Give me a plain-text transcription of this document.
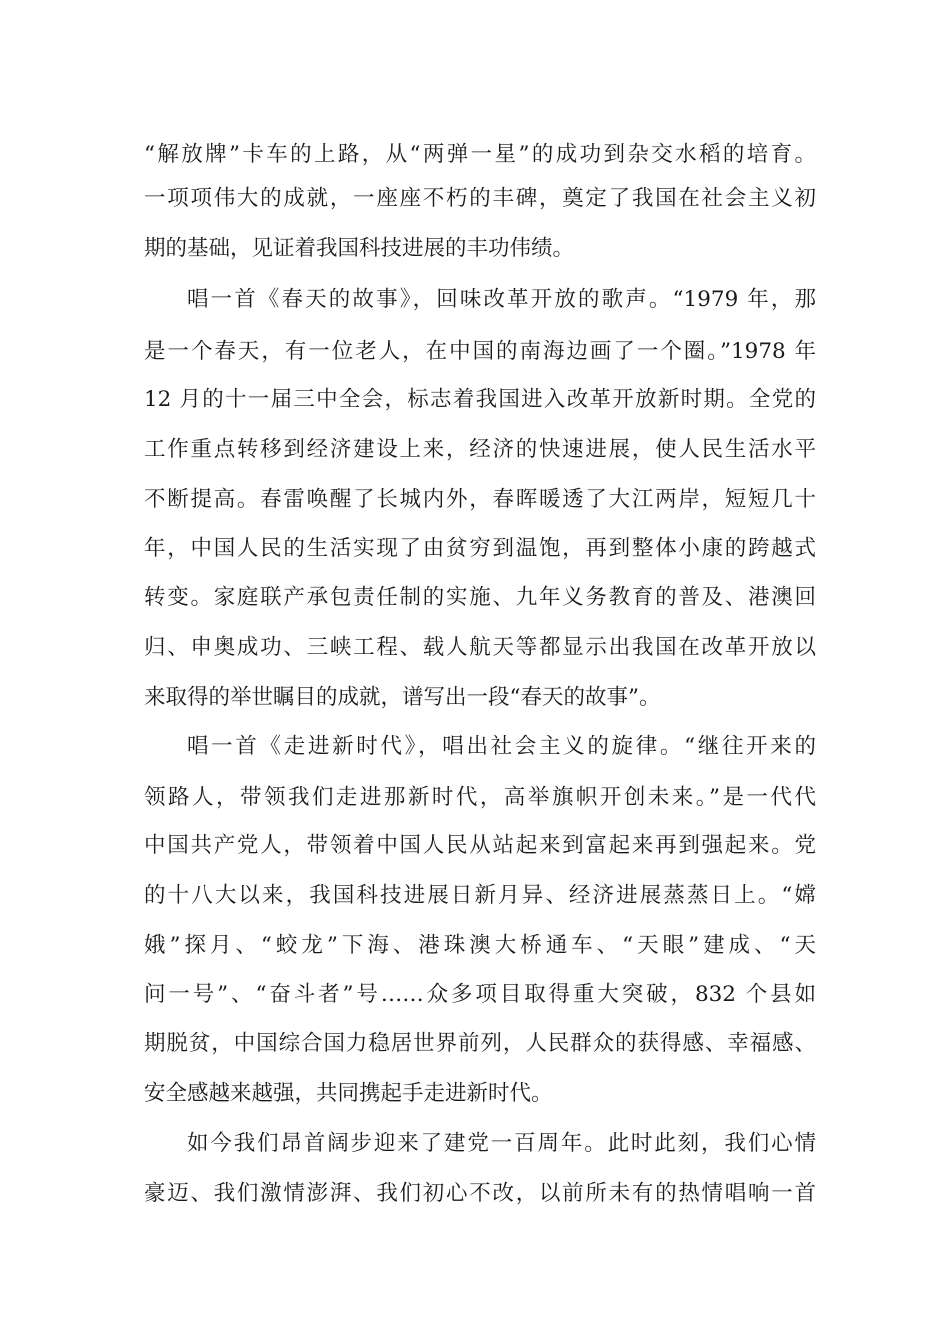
“解放牌”卡车的上路，从“两弹一星”的成功到杂交水稻的培育。
一项项伟大的成就，一座座不朽的丰碑，奠定了我国在社会主义初
期的基础，见证着我国科技进展的丰功伟绩。
唱一首《春天的故事》，回味改革开放的歌声。“1979 年，那
是一个春天，有一位老人，在中国的南海边画了一个圈。”1978 年
12 月的十一届三中全会，标志着我国进入改革开放新时期。全党的
工作重点转移到经济建设上来，经济的快速进展，使人民生活水平
不断提高。春雷唤醒了长城内外，春晖暖透了大江两岸，短短几十
年，中国人民的生活实现了由贫穷到温饱，再到整体小康的跨越式
转变。家庭联产承包责任制的实施、九年义务教育的普及、港澳回
归、申奥成功、三峡工程、载人航天等都显示出我国在改革开放以
来取得的举世瞩目的成就，谱写出一段“春天的故事”。
唱一首《走进新时代》，唱出社会主义的旋律。“继往开来的
领路人，带领我们走进那新时代，高举旗帜开创未来。”是一代代
中国共产党人，带领着中国人民从站起来到富起来再到强起来。党
的十八大以来，我国科技进展日新月异、经济进展蒸蒸日上。“嫦
娥”探月、“蛟龙”下海、港珠澳大桥通车、“天眼”建成、“天
问一号”、“奋斗者”号……众多项目取得重大突破，832 个县如
期脱贫，中国综合国力稳居世界前列，人民群众的获得感、幸福感、
安全感越来越强，共同携起手走进新时代。
如今我们昂首阔步迎来了建党一百周年。此时此刻，我们心情
豪迈、我们激情澎湃、我们初心不改，以前所未有的热情唱响一首
